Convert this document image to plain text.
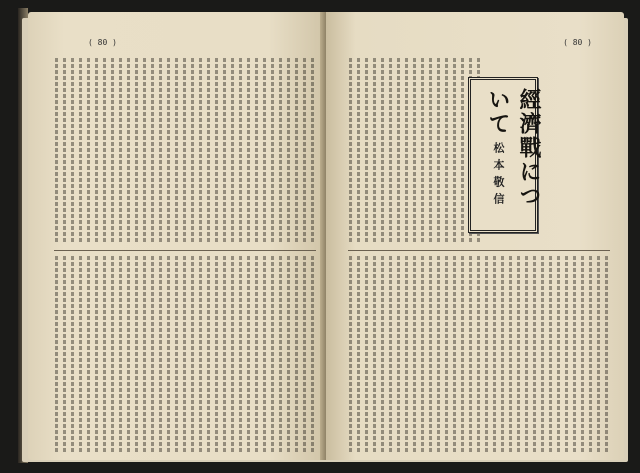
( 80 )	( 80 )
經濟戰について
松本敬信
